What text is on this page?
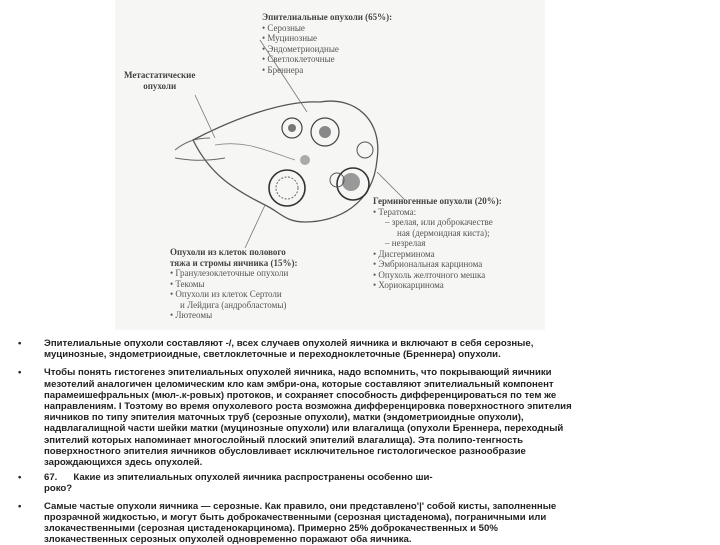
Эпителиальные опухоли (65%):
• Серозные
• Муцинозные
• Эндометриоидные
• Светлоклеточные
• Бреннера
Метастатические
опухоли
Герминогенные опухоли (20%):
• Тератома:
– зрелая, или доброкачестве
ная (дермоидная киста);
– незрелая
• Дисгерминома
• Эмбриональная карцинома
• Опухоль желточного мешка
• Хориокарцинома
Опухоли из клеток полового
тяжа и стромы яичника (15%):
• Гранулезоклеточные опухоли
• Текомы
• Опухоли из клеток Сертоли
и Лейдига (андробластомы)
• Лютеомы
• Эпителиальные опухоли составляют -/, всех случаев опухолей яичника и включают в себя серозные,
муцинозные, эндометриоидные, светлоклеточные и переходноклеточные (Бреннера) опухоли.
• Чтобы понять гистогенез эпителиальных опухолей яичника, надо вспомнить, что покрывающий яичники
мезотелий аналогичен целомическим кло кам эмбри-она, которые составляют эпителиальный компонент
парамеишефральных (мюл-.к-ровых) протоков, и сохраняет способность дифференцироваться по тем же
направлениям. I Тоэтому во время опухолевого роста возможна дифференцировка поверхностного эпителия
яичников по типу эпителия маточных труб (серозные опухоли), матки (эндометриоидные опухоли),
надвлагалищной части шейки матки (муцинозные опухоли) или влагалища (опухоли Бреннера, переходный
эпителий которых напоминает многослойный плоский эпителий влагалища). Эта полипо-тенгность
поверхностного эпителия яичников обусловливает исключительное гистологическое разнообразие
зарождающихся здесь опухолей.
• 67. Какие из эпителиальных опухолей яичника распространены особенно ши-
роко?
• Самые частые опухоли яичника — серозные. Как правило, они представлено'|' собой кисты, заполненные
прозрачной жидкостью, и могут быть доброкачественными (серозная цистаденома), пограничными или
злокачественными (серозная цистаденокарцинома). Примерно 25% доброкачественных и 50%
злокачественных серозных опухолей одновременно поражают оба яичника.
